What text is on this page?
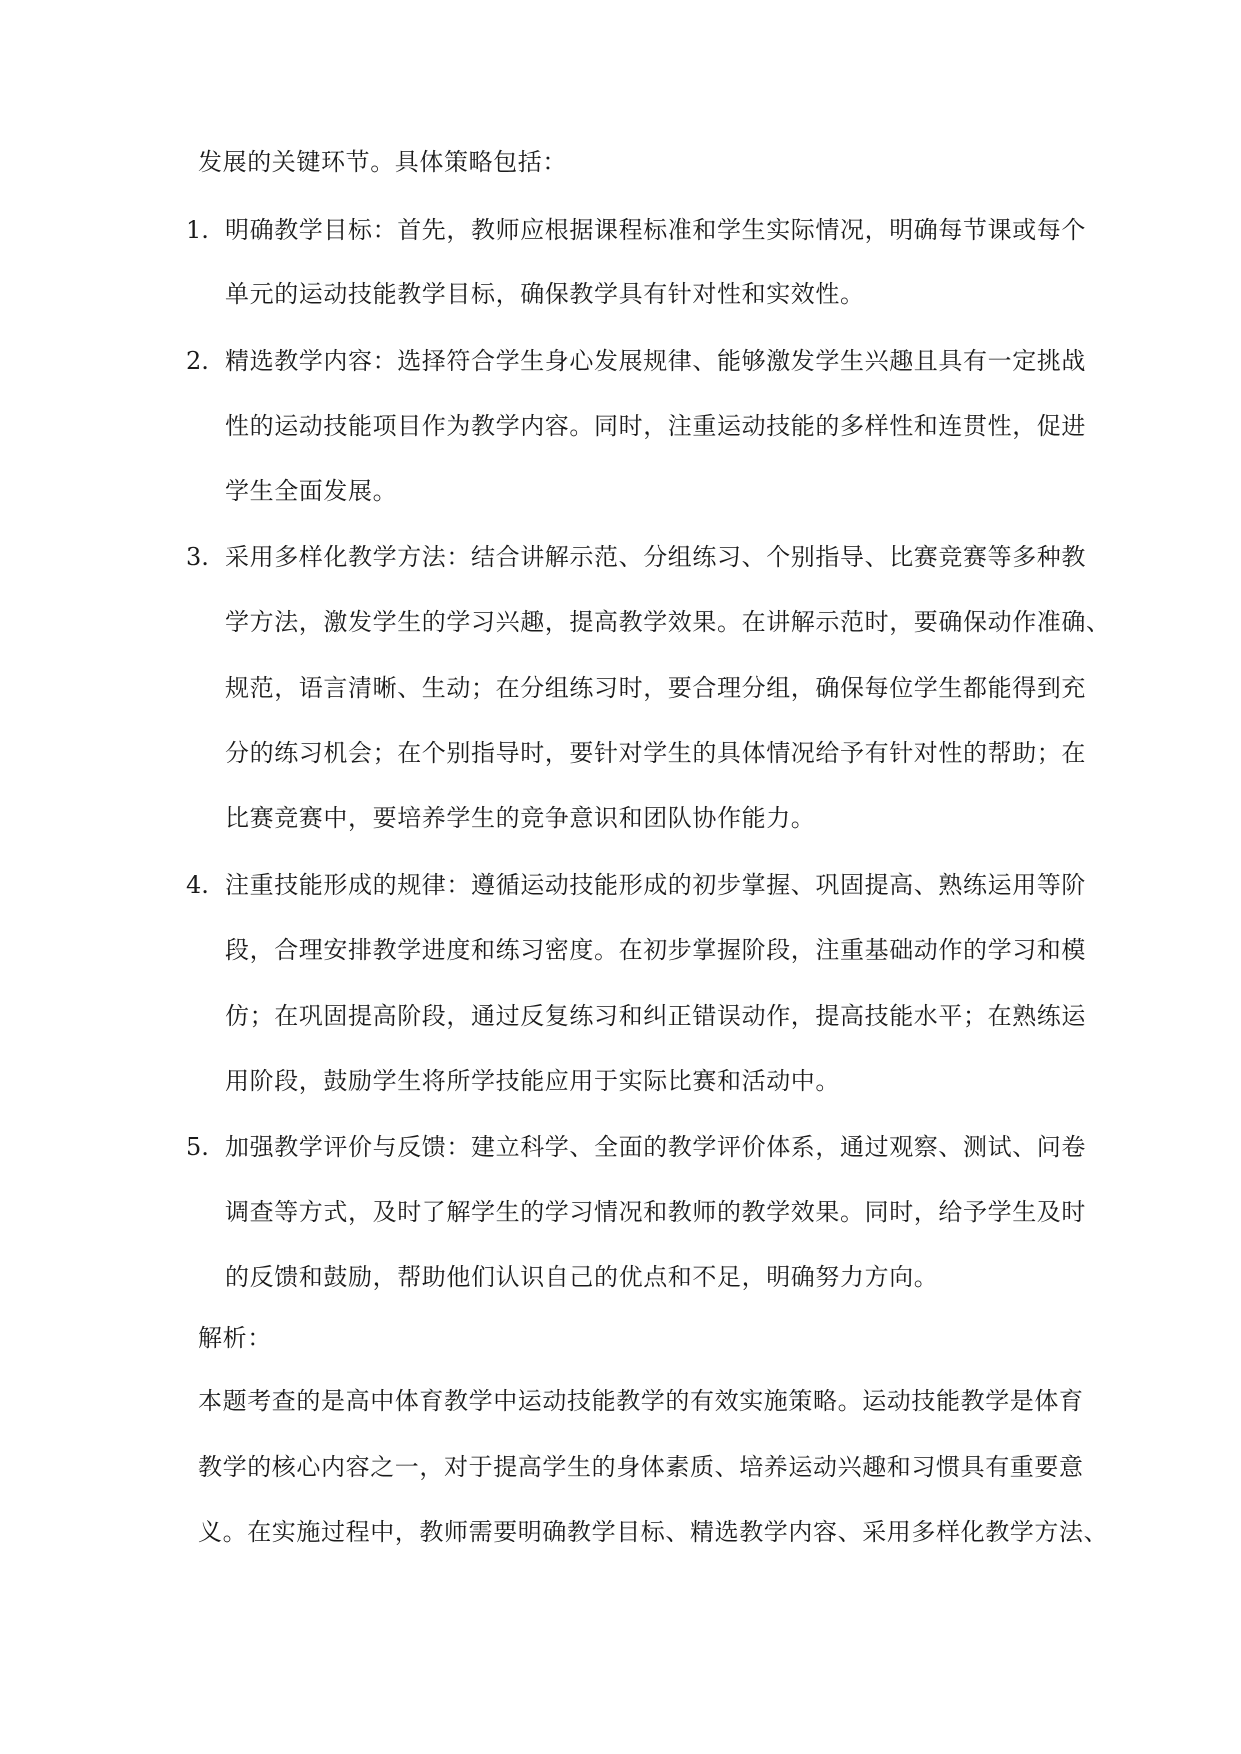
发展的关键环节。具体策略包括：
1. 明确教学目标：首先，教师应根据课程标准和学生实际情况，明确每节课或每个
单元的运动技能教学目标，确保教学具有针对性和实效性。
2. 精选教学内容：选择符合学生身心发展规律、能够激发学生兴趣且具有一定挑战
性的运动技能项目作为教学内容。同时，注重运动技能的多样性和连贯性，促进
学生全面发展。
3. 采用多样化教学方法：结合讲解示范、分组练习、个别指导、比赛竞赛等多种教
学方法，激发学生的学习兴趣，提高教学效果。在讲解示范时，要确保动作准确、
规范，语言清晰、生动；在分组练习时，要合理分组，确保每位学生都能得到充
分的练习机会；在个别指导时，要针对学生的具体情况给予有针对性的帮助；在
比赛竞赛中，要培养学生的竞争意识和团队协作能力。
4. 注重技能形成的规律：遵循运动技能形成的初步掌握、巩固提高、熟练运用等阶
段，合理安排教学进度和练习密度。在初步掌握阶段，注重基础动作的学习和模
仿；在巩固提高阶段，通过反复练习和纠正错误动作，提高技能水平；在熟练运
用阶段，鼓励学生将所学技能应用于实际比赛和活动中。
5. 加强教学评价与反馈：建立科学、全面的教学评价体系，通过观察、测试、问卷
调查等方式，及时了解学生的学习情况和教师的教学效果。同时，给予学生及时
的反馈和鼓励，帮助他们认识自己的优点和不足，明确努力方向。
解析：
本题考查的是高中体育教学中运动技能教学的有效实施策略。运动技能教学是体育
教学的核心内容之一，对于提高学生的身体素质、培养运动兴趣和习惯具有重要意
义。在实施过程中，教师需要明确教学目标、精选教学内容、采用多样化教学方法、
